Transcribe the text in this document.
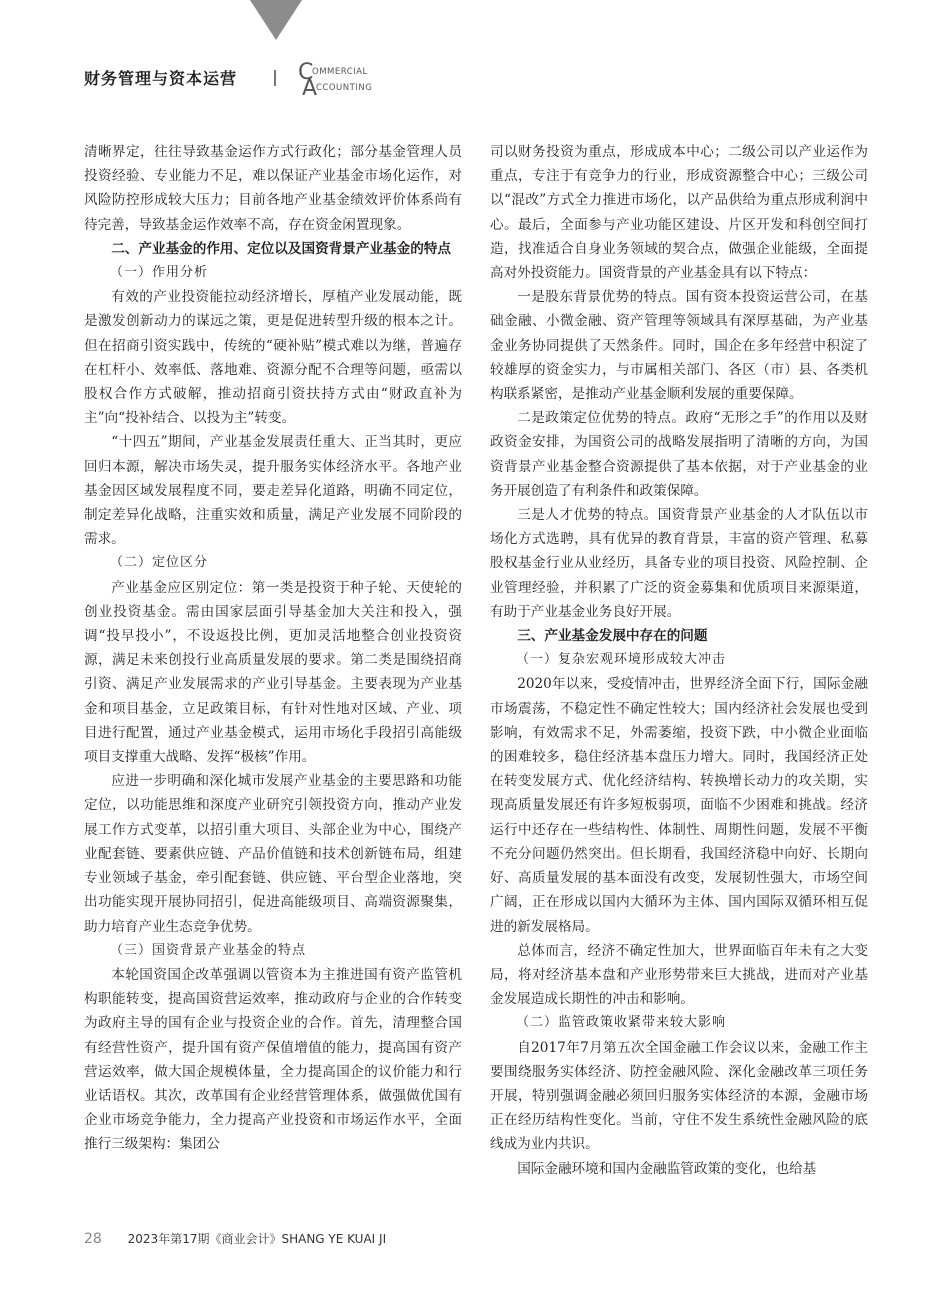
财务管理与资本运营	C
OMMERCIAL
A
CCOUNTING

清晰界定，往往导致基金运作方式行政化；部分基金管理人员投资经验、专业能力不足，难以保证产业基金市场化运作，对风险防控形成较大压力；目前各地产业基金绩效评价体系尚有待完善，导致基金运作效率不高，存在资金闲置现象。

二、产业基金的作用、定位以及国资背景产业基金的特点
（一）作用分析

有效的产业投资能拉动经济增长，厚植产业发展动能，既是激发创新动力的谋远之策，更是促进转型升级的根本之计。但在招商引资实践中，传统的“硬补贴”模式难以为继，普遍存在杠杆小、效率低、落地难、资源分配不合理等问题，亟需以股权合作方式破解，推动招商引资扶持方式由“财政直补为主”向“投补结合、以投为主”转变。

“十四五”期间，产业基金发展责任重大、正当其时，更应回归本源，解决市场失灵，提升服务实体经济水平。各地产业基金因区域发展程度不同，要走差异化道路，明确不同定位，制定差异化战略，注重实效和质量，满足产业发展不同阶段的需求。

（二）定位区分

产业基金应区别定位：第一类是投资于种子轮、天使轮的创业投资基金。需由国家层面引导基金加大关注和投入，强调“投早投小”，不设返投比例，更加灵活地整合创业投资资源，满足未来创投行业高质量发展的要求。第二类是围绕招商引资、满足产业发展需求的产业引导基金。主要表现为产业基金和项目基金，立足政策目标，有针对性地对区域、产业、项目进行配置，通过产业基金模式，运用市场化手段招引高能级项目支撑重大战略、发挥“极核”作用。

应进一步明确和深化城市发展产业基金的主要思路和功能定位，以功能思维和深度产业研究引领投资方向，推动产业发展工作方式变革，以招引重大项目、头部企业为中心，围绕产业配套链、要素供应链、产品价值链和技术创新链布局，组建专业领域子基金，牵引配套链、供应链、平台型企业落地，突出功能实现开展协同招引，促进高能级项目、高端资源聚集，助力培育产业生态竞争优势。

（三）国资背景产业基金的特点

本轮国资国企改革强调以管资本为主推进国有资产监管机构职能转变，提高国资营运效率，推动政府与企业的合作转变为政府主导的国有企业与投资企业的合作。首先，清理整合国有经营性资产，提升国有资产保值增值的能力，提高国有资产营运效率，做大国企规模体量，全力提高国企的议价能力和行业话语权。其次，改革国有企业经营管理体系，做强做优国有企业市场竞争能力，全力提高产业投资和市场运作水平，全面推行三级架构：集团公

司以财务投资为重点，形成成本中心；二级公司以产业运作为重点，专注于有竞争力的行业，形成资源整合中心；三级公司以“混改”方式全力推进市场化，以产品供给为重点形成利润中心。最后，全面参与产业功能区建设、片区开发和科创空间打造，找准适合自身业务领域的契合点，做强企业能级，全面提高对外投资能力。国资背景的产业基金具有以下特点：

一是股东背景优势的特点。国有资本投资运营公司，在基础金融、小微金融、资产管理等领域具有深厚基础，为产业基金业务协同提供了天然条件。同时，国企在多年经营中积淀了较雄厚的资金实力，与市属相关部门、各区（市）县、各类机构联系紧密，是推动产业基金顺利发展的重要保障。

二是政策定位优势的特点。政府“无形之手”的作用以及财政资金安排，为国资公司的战略发展指明了清晰的方向，为国资背景产业基金整合资源提供了基本依据，对于产业基金的业务开展创造了有利条件和政策保障。

三是人才优势的特点。国资背景产业基金的人才队伍以市场化方式选聘，具有优异的教育背景，丰富的资产管理、私募股权基金行业从业经历，具备专业的项目投资、风险控制、企业管理经验，并积累了广泛的资金募集和优质项目来源渠道，有助于产业基金业务良好开展。

三、产业基金发展中存在的问题
（一）复杂宏观环境形成较大冲击

2020年以来，受疫情冲击，世界经济全面下行，国际金融市场震荡，不稳定性不确定性较大；国内经济社会发展也受到影响，有效需求不足，外需萎缩，投资下跌，中小微企业面临的困难较多，稳住经济基本盘压力增大。同时，我国经济正处在转变发展方式、优化经济结构、转换增长动力的攻关期，实现高质量发展还有许多短板弱项，面临不少困难和挑战。经济运行中还存在一些结构性、体制性、周期性问题，发展不平衡不充分问题仍然突出。但长期看，我国经济稳中向好、长期向好、高质量发展的基本面没有改变，发展韧性强大，市场空间广阔，正在形成以国内大循环为主体、国内国际双循环相互促进的新发展格局。

总体而言，经济不确定性加大，世界面临百年未有之大变局，将对经济基本盘和产业形势带来巨大挑战，进而对产业基金发展造成长期性的冲击和影响。

（二）监管政策收紧带来较大影响

自2017年7月第五次全国金融工作会议以来，金融工作主要围绕服务实体经济、防控金融风险、深化金融改革三项任务开展，特别强调金融必须回归服务实体经济的本源，金融市场正在经历结构性变化。当前，守住不发生系统性金融风险的底线成为业内共识。

国际金融环境和国内金融监管政策的变化，也给基

28 2023年第17期《商业会计》SHANG YE KUAI JI
